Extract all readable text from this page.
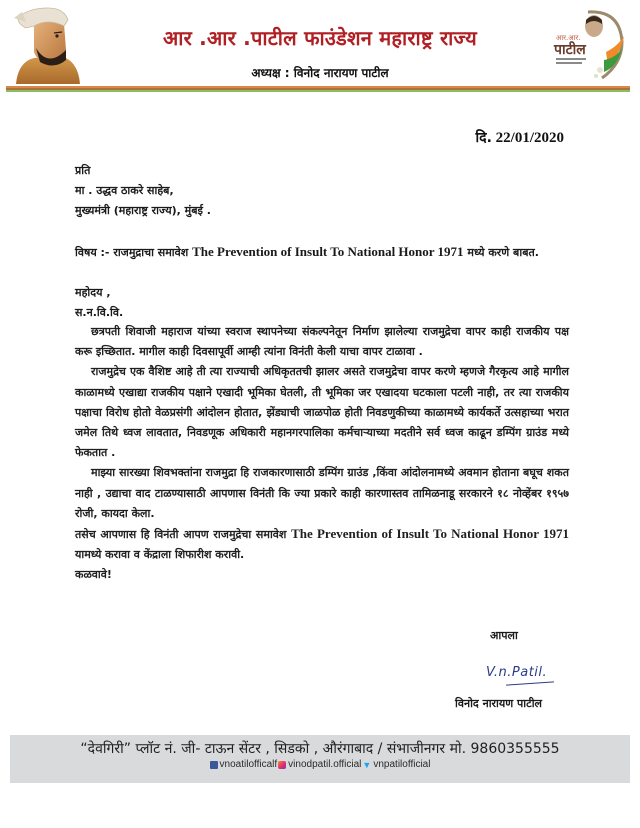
आर .आर .पाटील फाउंडेशन महाराष्ट्र राज्य
अध्यक्ष : विनोद नारायण पाटील
आर.आर.
पाटील
दि. 22/01/2020
प्रति
मा . उद्धव ठाकरे साहेब,
मुख्यमंत्री (महाराष्ट्र राज्य), मुंबई .
विषय :- राजमुद्राचा समावेश The Prevention of Insult To National Honor 1971 मध्ये करणे बाबत.
महोदय ,
स.न.वि.वि.

छत्रपती शिवाजी महाराज यांच्या स्वराज स्थापनेच्या संकल्पनेतून निर्माण झालेल्या राजमुद्रेचा वापर काही राजकीय पक्ष करू इच्छितात. मागील काही दिवसापूर्वी आम्ही त्यांना विनंती केली याचा वापर टाळावा .

राजमुद्रेच एक वैशिष्ट आहे ती त्या राज्याची अधिकृततची झालर असते राजमुद्रेचा वापर करणे म्हणजे गैरकृत्य आहे मागील काळामध्ये एखाद्या राजकीय पक्षाने एखादी भूमिका घेतली, ती भूमिका जर एखादया घटकाला पटली नाही, तर त्या राजकीय पक्षाचा विरोध होतो वेळप्रसंगी आंदोलन होतात, झेंड्याची जाळपोळ होती निवडणुकीच्या काळामध्ये कार्यकर्ते उत्सहाच्या भरात जमेल तिथे ध्वज लावतात, निवडणूक अधिकारी महानगरपालिका कर्मचाऱ्याच्या मदतीने सर्व ध्वज काढून डम्पिंग ग्राउंड मध्ये फेकतात .

माझ्या सारख्या शिवभक्तांना राजमुद्रा हि राजकारणासाठी डम्पिंग ग्राउंड ,किंवा आंदोलनामध्ये अवमान होताना बघूच शकत नाही , उद्याचा वाद टाळण्यासाठी आपणास विनंती कि ज्या प्रकारे काही कारणास्तव तामिळनाडू सरकारने १८ नोव्हेंबर १९५७ रोजी, कायदा केला.

तसेच आपणास हि विनंती आपण राजमुद्रेचा समावेश The Prevention of Insult To National Honor 1971 यामध्ये करावा व केंद्राला शिफारीश करावी.

कळवावे!

आपला
V.n.Patil.
विनोद नारायण पाटील
“देवगिरी” प्लॉट नं. जी- टाऊन सेंटर , सिडको , औरंगाबाद / संभाजीनगर मो. 9860355555
vnoatilofficalf vinodpatil.official ▼ vnpatilofficial
